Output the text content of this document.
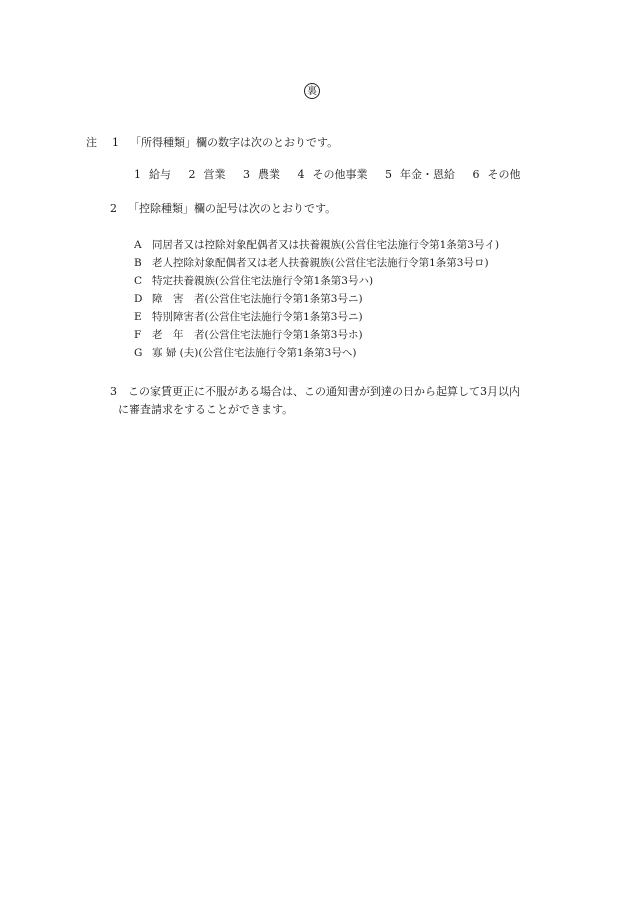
裏
注 1 「所得種類」欄の数字は次のとおりです。
1 給与 2 営業 3 農業 4 その他事業 5 年金・恩給 6 その他
2 「控除種類」欄の記号は次のとおりです。
A 同居者又は控除対象配偶者又は扶養親族(公営住宅法施行令第1条第3号イ)
B 老人控除対象配偶者又は老人扶養親族(公営住宅法施行令第1条第3号ロ)
C 特定扶養親族(公営住宅法施行令第1条第3号ハ)
D 障　害　者(公営住宅法施行令第1条第3号ニ)
E 特別障害者(公営住宅法施行令第1条第3号ニ)
F 老　年　者(公営住宅法施行令第1条第3号ホ)
G 寡 婦 (夫)(公営住宅法施行令第1条第3号へ)
3 この家賃更正に不服がある場合は、この通知書が到達の日から起算して3月以内
に審査請求をすることができます。
